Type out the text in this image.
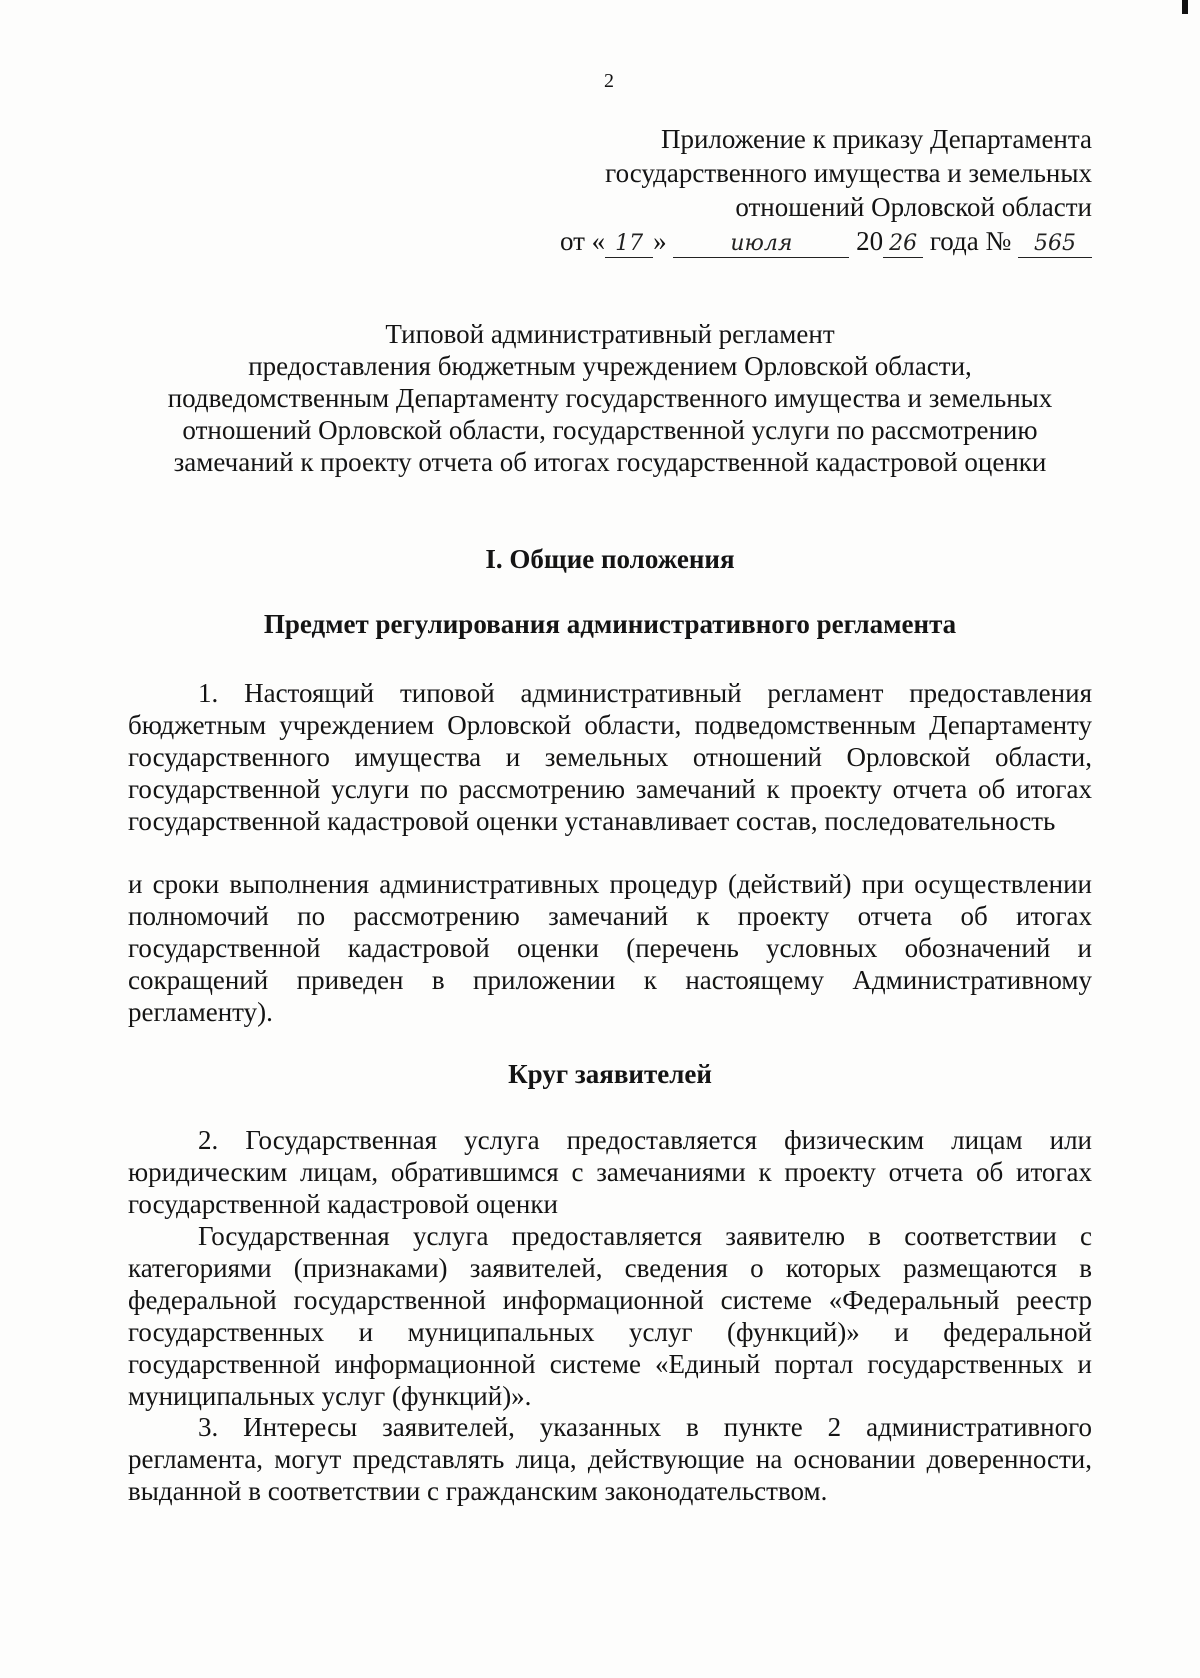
2
Приложение к приказу Департамента
государственного имущества и земельных
отношений Орловской области
от « 17 »	июля 20 26 года № 565
Типовой административный регламент
предоставления бюджетным учреждением Орловской области,
подведомственным Департаменту государственного имущества и земельных
отношений Орловской области, государственной услуги по рассмотрению
замечаний к проекту отчета об итогах государственной кадастровой оценки
I. Общие положения
Предмет регулирования административного регламента
1. Настоящий типовой административный регламент предоставления бюджетным учреждением Орловской области, подведомственным Департаменту государственного имущества и земельных отношений Орловской области, государственной услуги по рассмотрению замечаний к проекту отчета об итогах государственной кадастровой оценки устанавливает состав, последовательность
и сроки выполнения административных процедур (действий) при осуществлении полномочий по рассмотрению замечаний к проекту отчета об итогах государственной кадастровой оценки (перечень условных обозначений и сокращений приведен в приложении к настоящему Административному регламенту).
Круг заявителей
2. Государственная услуга предоставляется физическим лицам или юридическим лицам, обратившимся с замечаниями к проекту отчета об итогах государственной кадастровой оценки
Государственная услуга предоставляется заявителю в соответствии с категориями (признаками) заявителей, сведения о которых размещаются в федеральной государственной информационной системе «Федеральный реестр государственных и муниципальных услуг (функций)» и федеральной государственной информационной системе «Единый портал государственных и муниципальных услуг (функций)».
3. Интересы заявителей, указанных в пункте 2 административного регламента, могут представлять лица, действующие на основании доверенности, выданной в соответствии с гражданским законодательством.
